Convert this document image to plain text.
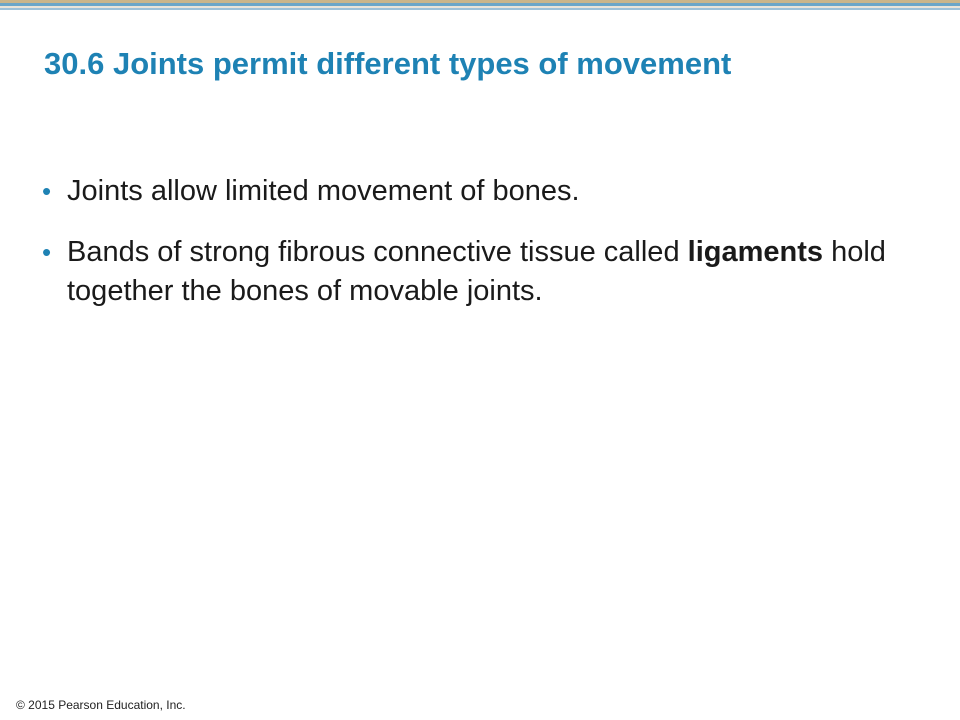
30.6 Joints permit different types of movement
• Joints allow limited movement of bones.
• Bands of strong fibrous connective tissue called ligaments hold together the bones of movable joints.
© 2015 Pearson Education, Inc.
